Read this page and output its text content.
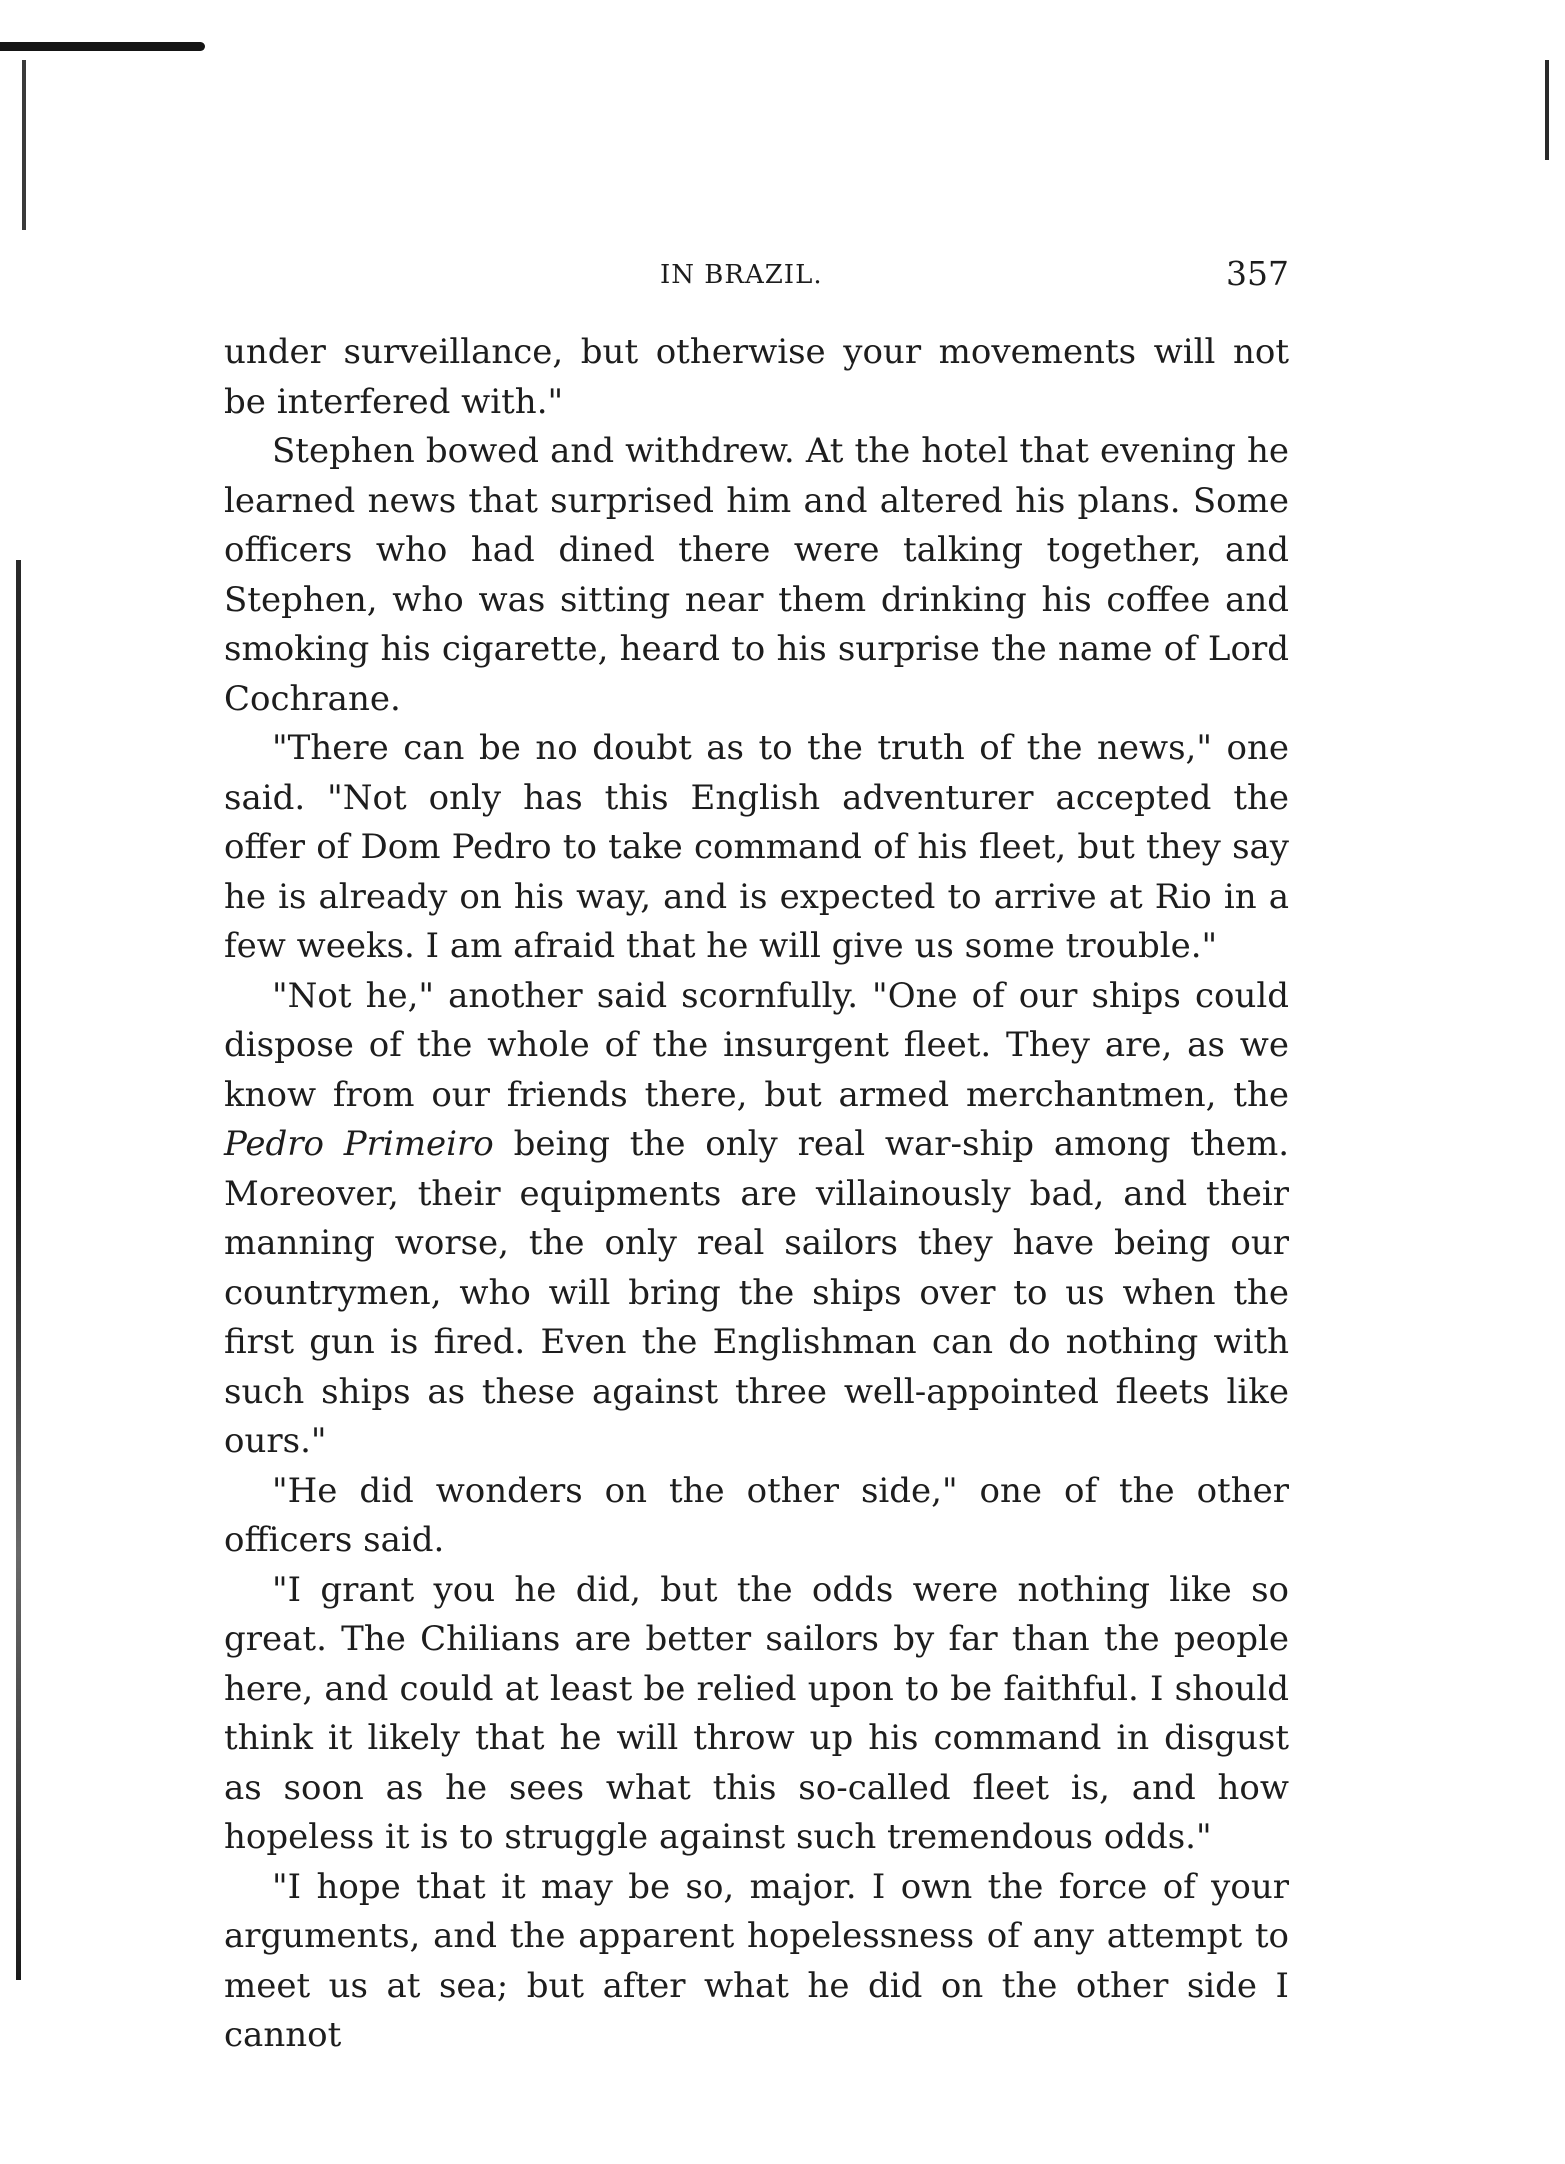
IN BRAZIL.	357

under surveillance, but otherwise your movements will not be interfered with."

Stephen bowed and withdrew. At the hotel that evening he learned news that surprised him and altered his plans. Some officers who had dined there were talking together, and Stephen, who was sitting near them drinking his coffee and smoking his cigarette, heard to his surprise the name of Lord Cochrane.

"There can be no doubt as to the truth of the news," one said. "Not only has this English adventurer accepted the offer of Dom Pedro to take command of his fleet, but they say he is already on his way, and is expected to arrive at Rio in a few weeks. I am afraid that he will give us some trouble."

"Not he," another said scornfully. "One of our ships could dispose of the whole of the insurgent fleet. They are, as we know from our friends there, but armed merchantmen, the Pedro Primeiro being the only real war-ship among them. Moreover, their equipments are villainously bad, and their manning worse, the only real sailors they have being our countrymen, who will bring the ships over to us when the first gun is fired. Even the Englishman can do nothing with such ships as these against three well-appointed fleets like ours."

"He did wonders on the other side," one of the other officers said.

"I grant you he did, but the odds were nothing like so great. The Chilians are better sailors by far than the people here, and could at least be relied upon to be faithful. I should think it likely that he will throw up his command in disgust as soon as he sees what this so-called fleet is, and how hopeless it is to struggle against such tremendous odds."

"I hope that it may be so, major. I own the force of your arguments, and the apparent hopelessness of any attempt to meet us at sea; but after what he did on the other side I cannot
